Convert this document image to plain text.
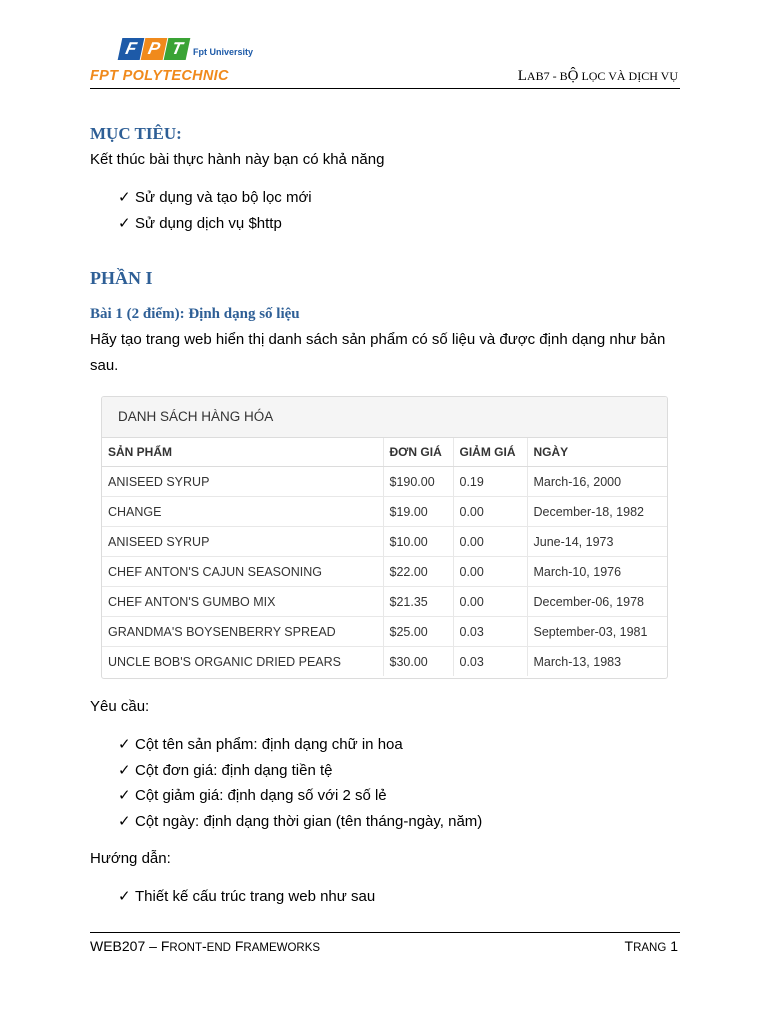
F P T Fpt University
FPT POLYTECHNIC	LAB7 - BỘ LỌC VÀ DỊCH VỤ
MỤC TIÊU:
Kết thúc bài thực hành này bạn có khả năng
✓ Sử dụng và tạo bộ lọc mới
✓ Sử dụng dịch vụ $http
PHẦN I
Bài 1 (2 điểm): Định dạng số liệu
Hãy tạo trang web hiển thị danh sách sản phẩm có số liệu và được định dạng như bản sau.
DANH SÁCH HÀNG HÓA
SẢN PHẨM	ĐƠN GIÁ	GIẢM GIÁ	NGÀY
ANISEED SYRUP	$190.00	0.19	March-16, 2000
CHANGE	$19.00	0.00	December-18, 1982
ANISEED SYRUP	$10.00	0.00	June-14, 1973
CHEF ANTON'S CAJUN SEASONING	$22.00	0.00	March-10, 1976
CHEF ANTON'S GUMBO MIX	$21.35	0.00	December-06, 1978
GRANDMA'S BOYSENBERRY SPREAD	$25.00	0.03	September-03, 1981
UNCLE BOB'S ORGANIC DRIED PEARS	$30.00	0.03	March-13, 1983
Yêu cầu:
✓ Cột tên sản phẩm: định dạng chữ in hoa
✓ Cột đơn giá: định dạng tiền tệ
✓ Cột giảm giá: định dạng số với 2 số lẻ
✓ Cột ngày: định dạng thời gian (tên tháng-ngày, năm)
Hướng dẫn:
✓ Thiết kế cấu trúc trang web như sau
WEB207 – FRONT-END FRAMEWORKS	TRANG 1
